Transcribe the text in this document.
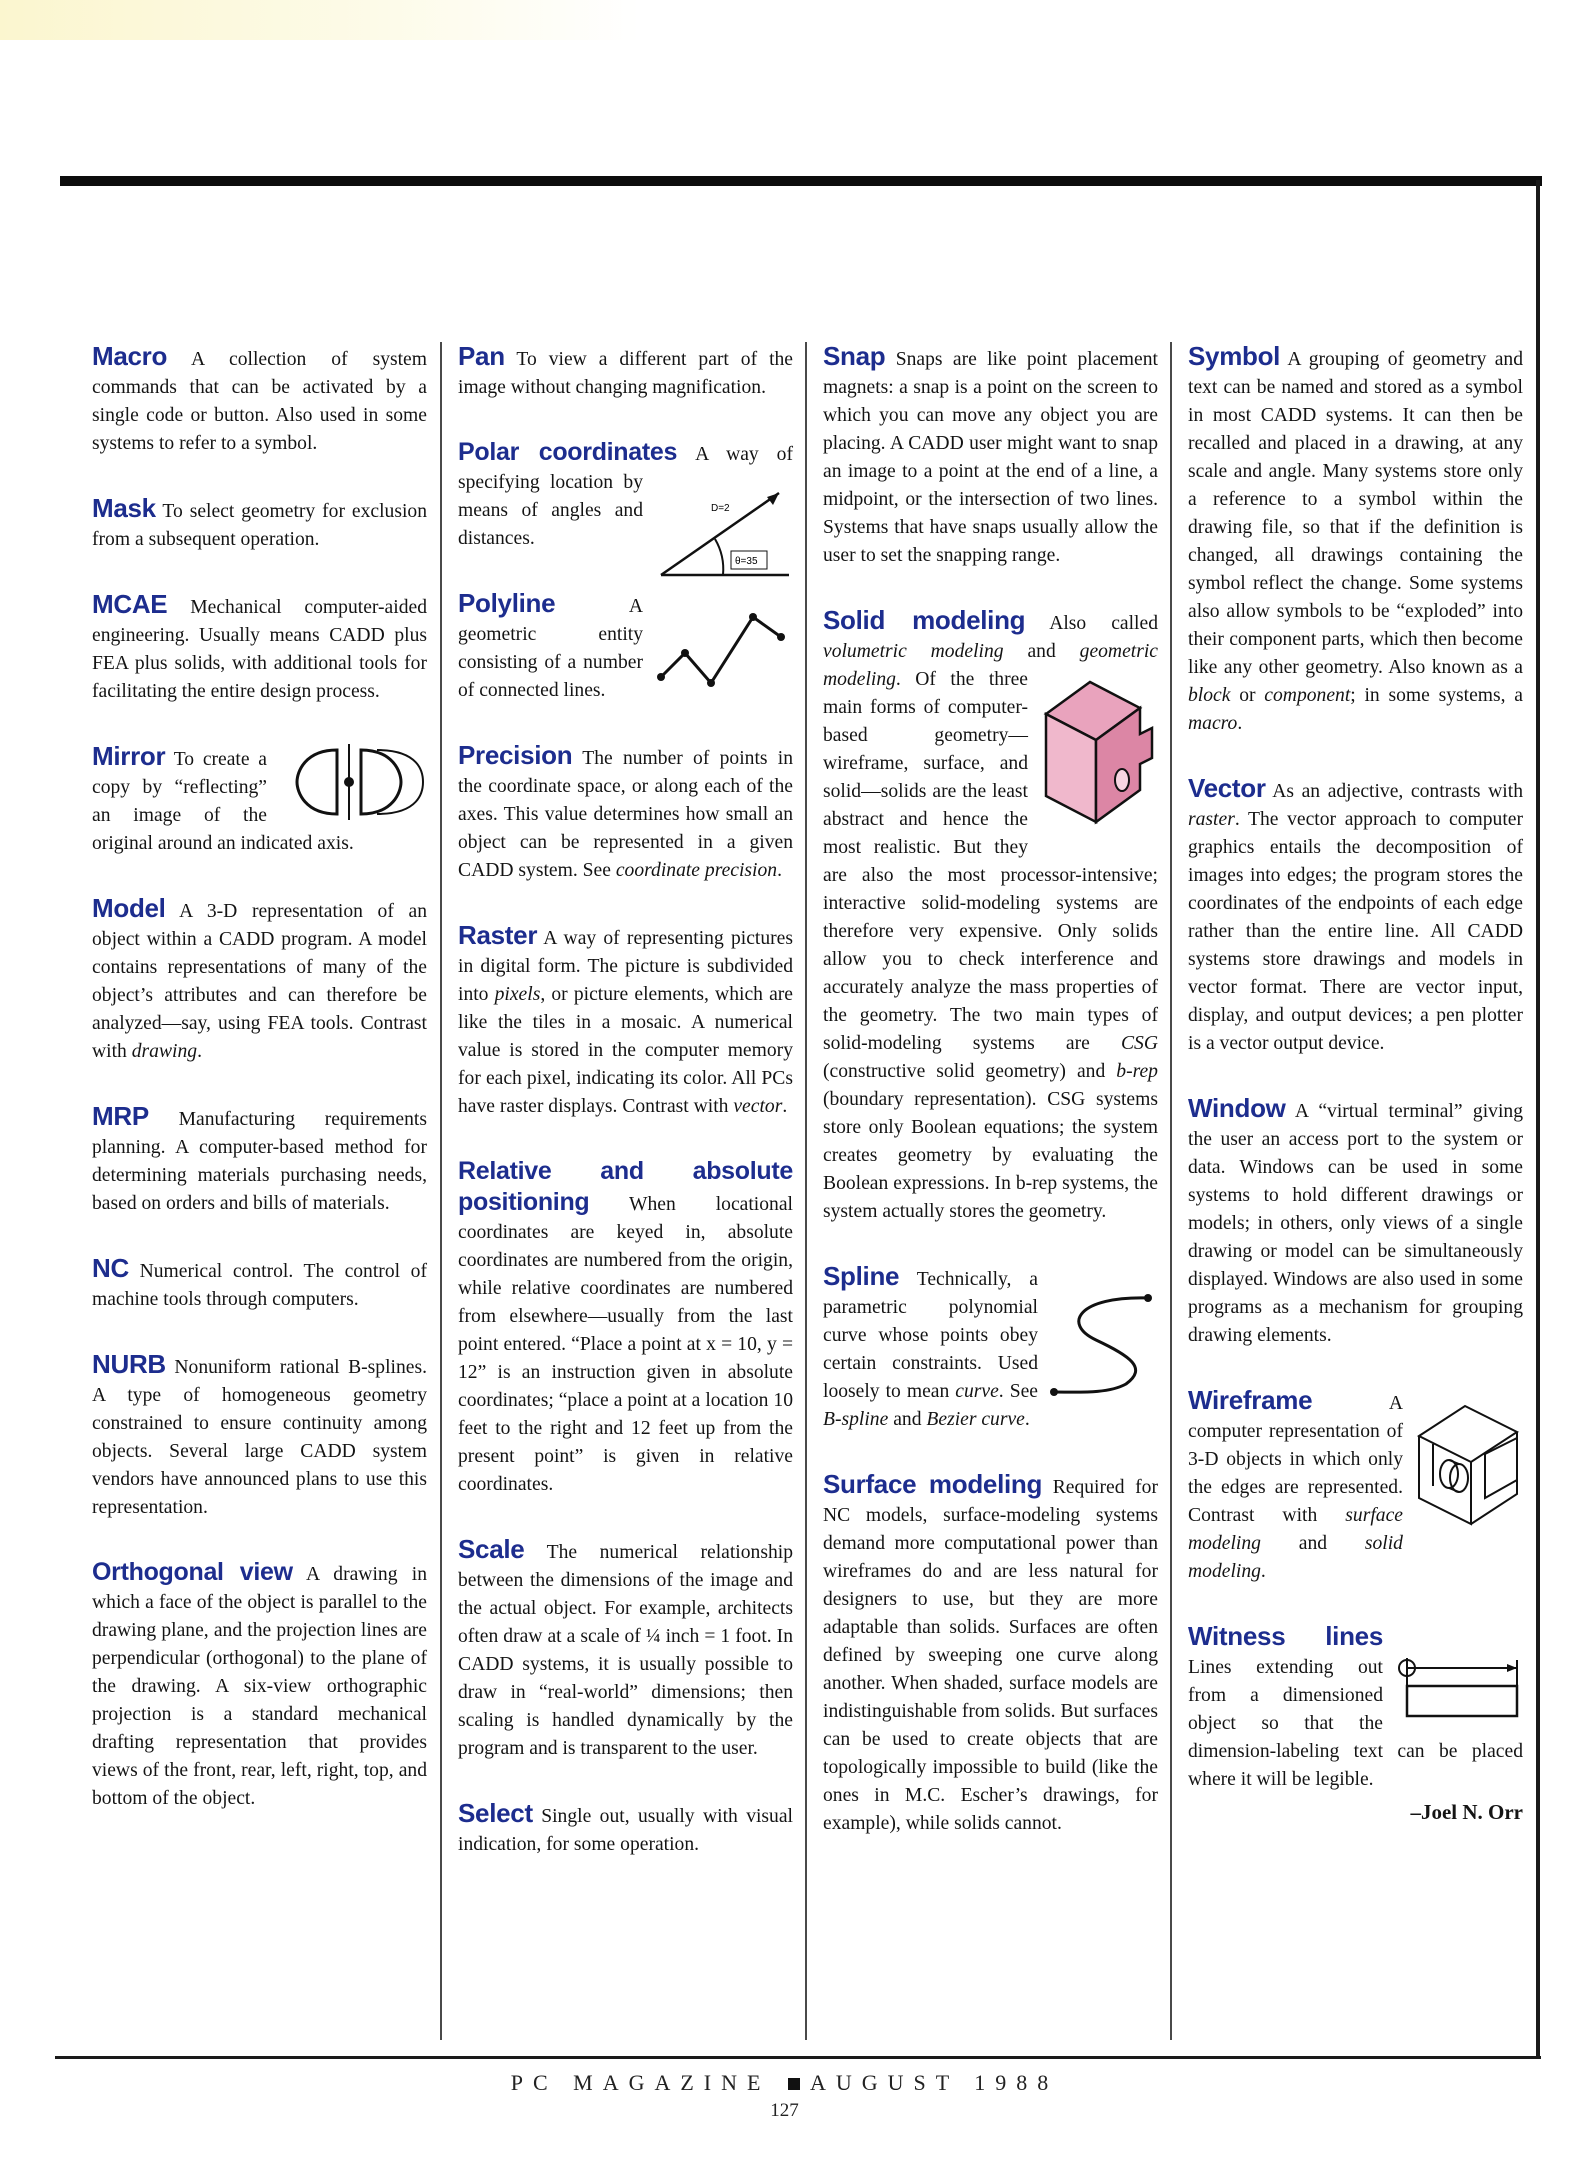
Macro A collection of system commands that can be activated by a single code or button. Also used in some systems to refer to a symbol.

Mask To select geometry for exclusion from a subsequent operation.

MCAE Mechanical computer-aided engineering. Usually means CADD plus FEA plus solids, with additional tools for facilitating the entire design process.

Mirror To create a copy by “reflecting” an image of the original around an indicated axis.

Model A 3-D representation of an object within a CADD program. A model contains representations of many of the object’s attributes and can therefore be analyzed—say, using FEA tools. Contrast with drawing.

MRP Manufacturing requirements planning. A computer-based method for determining materials purchasing needs, based on orders and bills of materials.

NC Numerical control. The control of machine tools through computers.

NURB Nonuniform rational B-splines. A type of homogeneous geometry constrained to ensure continuity among objects. Several large CADD system vendors have announced plans to use this representation.

Orthogonal view A drawing in which a face of the object is parallel to the drawing plane, and the projection lines are perpendicular (orthogonal) to the plane of the drawing. A six-view orthographic projection is a standard mechanical drafting representation that provides views of the front, rear, left, right, top, and bottom of the object.

Pan To view a different part of the image without changing magnification.

Polar coordinates
D=2
θ=35
A way of specifying location by means of angles and distances.
Polyline	A geometric entity consisting of a number of connected lines.

Precision The number of points in the coordinate space, or along each of the axes. This value determines how small an object can be represented in a given CADD system. See coordinate precision.

Raster A way of representing pictures in digital form. The picture is subdivided into pixels, or picture elements, which are like the tiles in a mosaic. A numerical value is stored in the computer memory for each pixel, indicating its color. All PCs have raster displays. Contrast with vector.

Relative and absolute positioning When locational coordinates are keyed in, absolute coordinates are numbered from the origin, while relative coordinates are numbered from elsewhere—usually from the last point entered. “Place a point at x = 10, y = 12” is an instruction given in absolute coordinates; “place a point at a location 10 feet to the right and 12 feet up from the present point” is given in relative coordinates.

Scale The numerical relationship between the dimensions of the image and the actual object. For example, architects often draw at a scale of ¼ inch = 1 foot. In CADD systems, it is usually possible to draw in “real-world” dimensions; then scaling is handled dynamically by the program and is transparent to the user.

Select Single out, usually with visual indication, for some operation.

Snap Snaps are like point placement magnets: a snap is a point on the screen to which you can move any object you are placing. A CADD user might want to snap an image to a point at the end of a line, a midpoint, or the intersection of two lines. Systems that have snaps usually allow the user to set the snapping range.

Solid modeling Also called volumetric modeling and geometric modeling
. Of the three main forms of computer-based geometry—wireframe, surface, and solid—solids are the least abstract and hence the most realistic. But they are also the most processor-intensive; interactive solid-modeling systems are therefore very expensive. Only solids allow you to check interference and accurately analyze the mass properties of the geometry. The two main types of solid-modeling systems are CSG (constructive solid geometry) and b-rep (boundary representation). CSG systems store only Boolean equations; the system creates geometry by evaluating the Boolean expressions. In b-rep systems, the system actually stores the geometry.
Spline Technically, a parametric polynomial curve whose points obey certain constraints. Used loosely to mean curve. See B-spline and Bezier curve.

Surface modeling Required for NC models, surface-modeling systems demand more computational power than wireframes do and are less natural for designers to use, but they are more adaptable than solids. Surfaces are often defined by sweeping one curve along another. When shaded, surface models are indistinguishable from solids. But surfaces can be used to create objects that are topologically impossible to build (like the ones in M.C. Escher’s drawings, for example), while solids cannot.

Symbol A grouping of geometry and text can be named and stored as a symbol in most CADD systems. It can then be recalled and placed in a drawing, at any scale and angle. Many systems store only a reference to a symbol within the drawing file, so that if the definition is changed, all drawings containing the symbol reflect the change. Some systems also allow symbols to be “exploded” into their component parts, which then become like any other geometry. Also known as a block or component; in some systems, a macro.

Vector As an adjective, contrasts with raster. The vector approach to computer graphics entails the decomposition of images into edges; the program stores the coordinates of the endpoints of each edge rather than the entire line. All CADD systems store drawings and models in vector format. There are vector input, display, and output devices; a pen plotter is a vector output device.

Window A “virtual terminal” giving the user an access port to the system or data. Windows can be used in some systems to hold different drawings or models; in others, only views of a single drawing or model can be simultaneously displayed. Windows are also used in some programs as a mechanism for grouping drawing elements.

Wireframe	A computer representation of 3-D objects in which only the edges are represented. Contrast with surface modeling and solid modeling.
Witness lines Lines extending out from a dimensioned object so that the dimension-labeling text can be placed where it will be legible.
–Joel N. Orr
PC MAGAZINE AUGUST 1988
127
